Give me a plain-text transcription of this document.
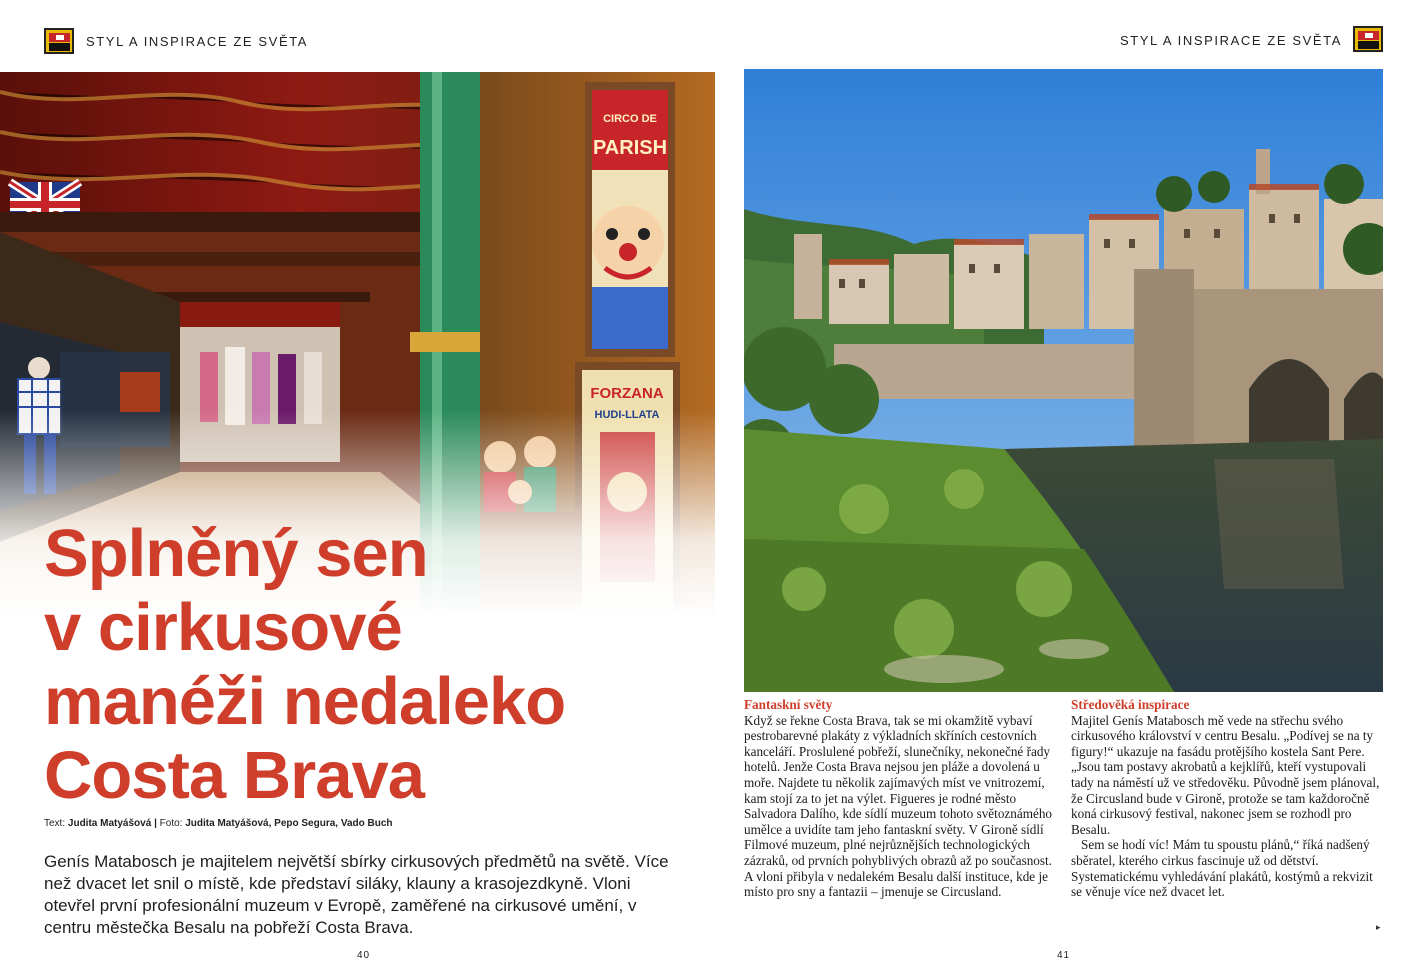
STYL A INSPIRACE ZE SVĚTA
Splněný sen
v cirkusové
manéži nedaleko
Costa Brava
Text: Judita Matyášová | Foto: Judita Matyášová, Pepo Segura, Vado Buch

Genís Matabosch je majitelem největší sbírky cirkusových předmětů na světě. Více než dvacet let snil o místě, kde představí siláky, klauny a krasojezdkyně. Vloni otevřel první profesionální muzeum v Evropě, zaměřené na cirkusové umění, v centru městečka Besalu na pobřeží Costa Brava.

40
STYL A INSPIRACE ZE SVĚTA
Fantaskní světy

Když se řekne Costa Brava, tak se mi okamžitě vybaví pestrobarevné plakáty z výkladních skříních cestovních kanceláří. Proslulené pobřeží, slunečníky, nekonečné řady hotelů. Jenže Costa Brava nejsou jen pláže a dovolená u moře. Najdete tu několik zajímavých míst ve vnitrozemí, kam stojí za to jet na výlet. Figueres je rodné město Salvadora Dalího, kde sídlí muzeum tohoto světoznámého umělce a uvidíte tam jeho fantaskní světy. V Gironě sídlí Filmové muzeum, plné nejrůznějších technologických zázraků, od prvních pohyblivých obrazů až po současnost. A vloni přibyla v nedalekém Besalu další instituce, kde je místo pro sny a fantazii – jmenuje se Circusland.

Středověká inspirace

Majitel Genís Matabosch mě vede na střechu svého cirkusového království v centru Besalu. „Podívej se na ty figury!“ ukazuje na fasádu protějšího kostela Sant Pere. „Jsou tam postavy akrobatů a kejklířů, kteří vystupovali tady na náměstí už ve středověku. Původně jsem plánoval, že Circusland bude v Gironě, protože se tam každoročně koná cirkusový festival, nakonec jsem se rozhodl pro Besalu.

Sem se hodí víc! Mám tu spoustu plánů,“ říká nadšený sběratel, kterého cirkus fascinuje už od dětství. Systematickému vyhledávání plakátů, kostýmů a rekvizit se věnuje více než dvacet let.

▸
41
